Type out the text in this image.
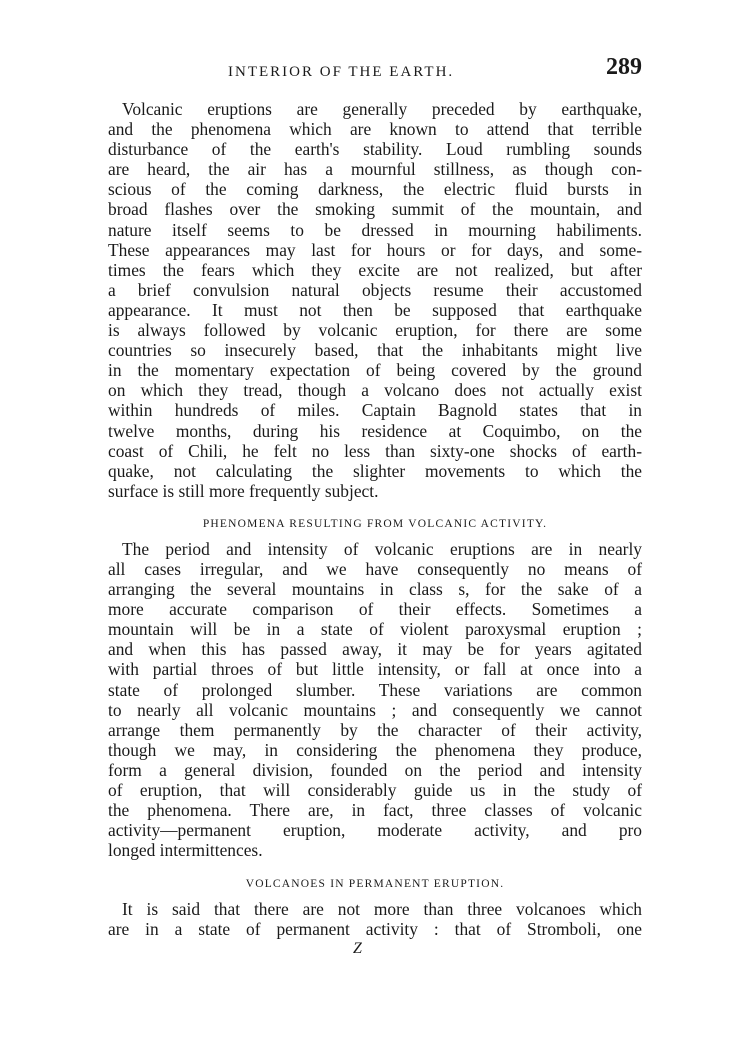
INTERIOR OF THE EARTH.	289
Volcanic eruptions are generally preceded by earthquake,
and the phenomena which are known to attend that terrible
disturbance of the earth's stability. Loud rumbling sounds
are heard, the air has a mournful stillness, as though con-
scious of the coming darkness, the electric fluid bursts in
broad flashes over the smoking summit of the mountain, and
nature itself seems to be dressed in mourning habiliments.
These appearances may last for hours or for days, and some-
times the fears which they excite are not realized, but after
a brief convulsion natural objects resume their accustomed
appearance. It must not then be supposed that earthquake
is always followed by volcanic eruption, for there are some
countries so insecurely based, that the inhabitants might live
in the momentary expectation of being covered by the ground
on which they tread, though a volcano does not actually exist
within hundreds of miles. Captain Bagnold states that in
twelve months, during his residence at Coquimbo, on the
coast of Chili, he felt no less than sixty-one shocks of earth-
quake, not calculating the slighter movements to which the
surface is still more frequently subject.

PHENOMENA RESULTING FROM VOLCANIC ACTIVITY.

The period and intensity of volcanic eruptions are in nearly
all cases irregular, and we have consequently no means of
arranging the several mountains in class s, for the sake of a
more accurate comparison of their effects. Sometimes a
mountain will be in a state of violent paroxysmal eruption ;
and when this has passed away, it may be for years agitated
with partial throes of but little intensity, or fall at once into a
state of prolonged slumber. These variations are common
to nearly all volcanic mountains ; and consequently we cannot
arrange them permanently by the character of their activity,
though we may, in considering the phenomena they produce,
form a general division, founded on the period and intensity
of eruption, that will considerably guide us in the study of
the phenomena. There are, in fact, three classes of volcanic
activity—permanent eruption, moderate activity, and pro
longed intermittences.

VOLCANOES IN PERMANENT ERUPTION.

It is said that there are not more than three volcanoes which
are in a state of permanent activity : that of Stromboli, one
Z
